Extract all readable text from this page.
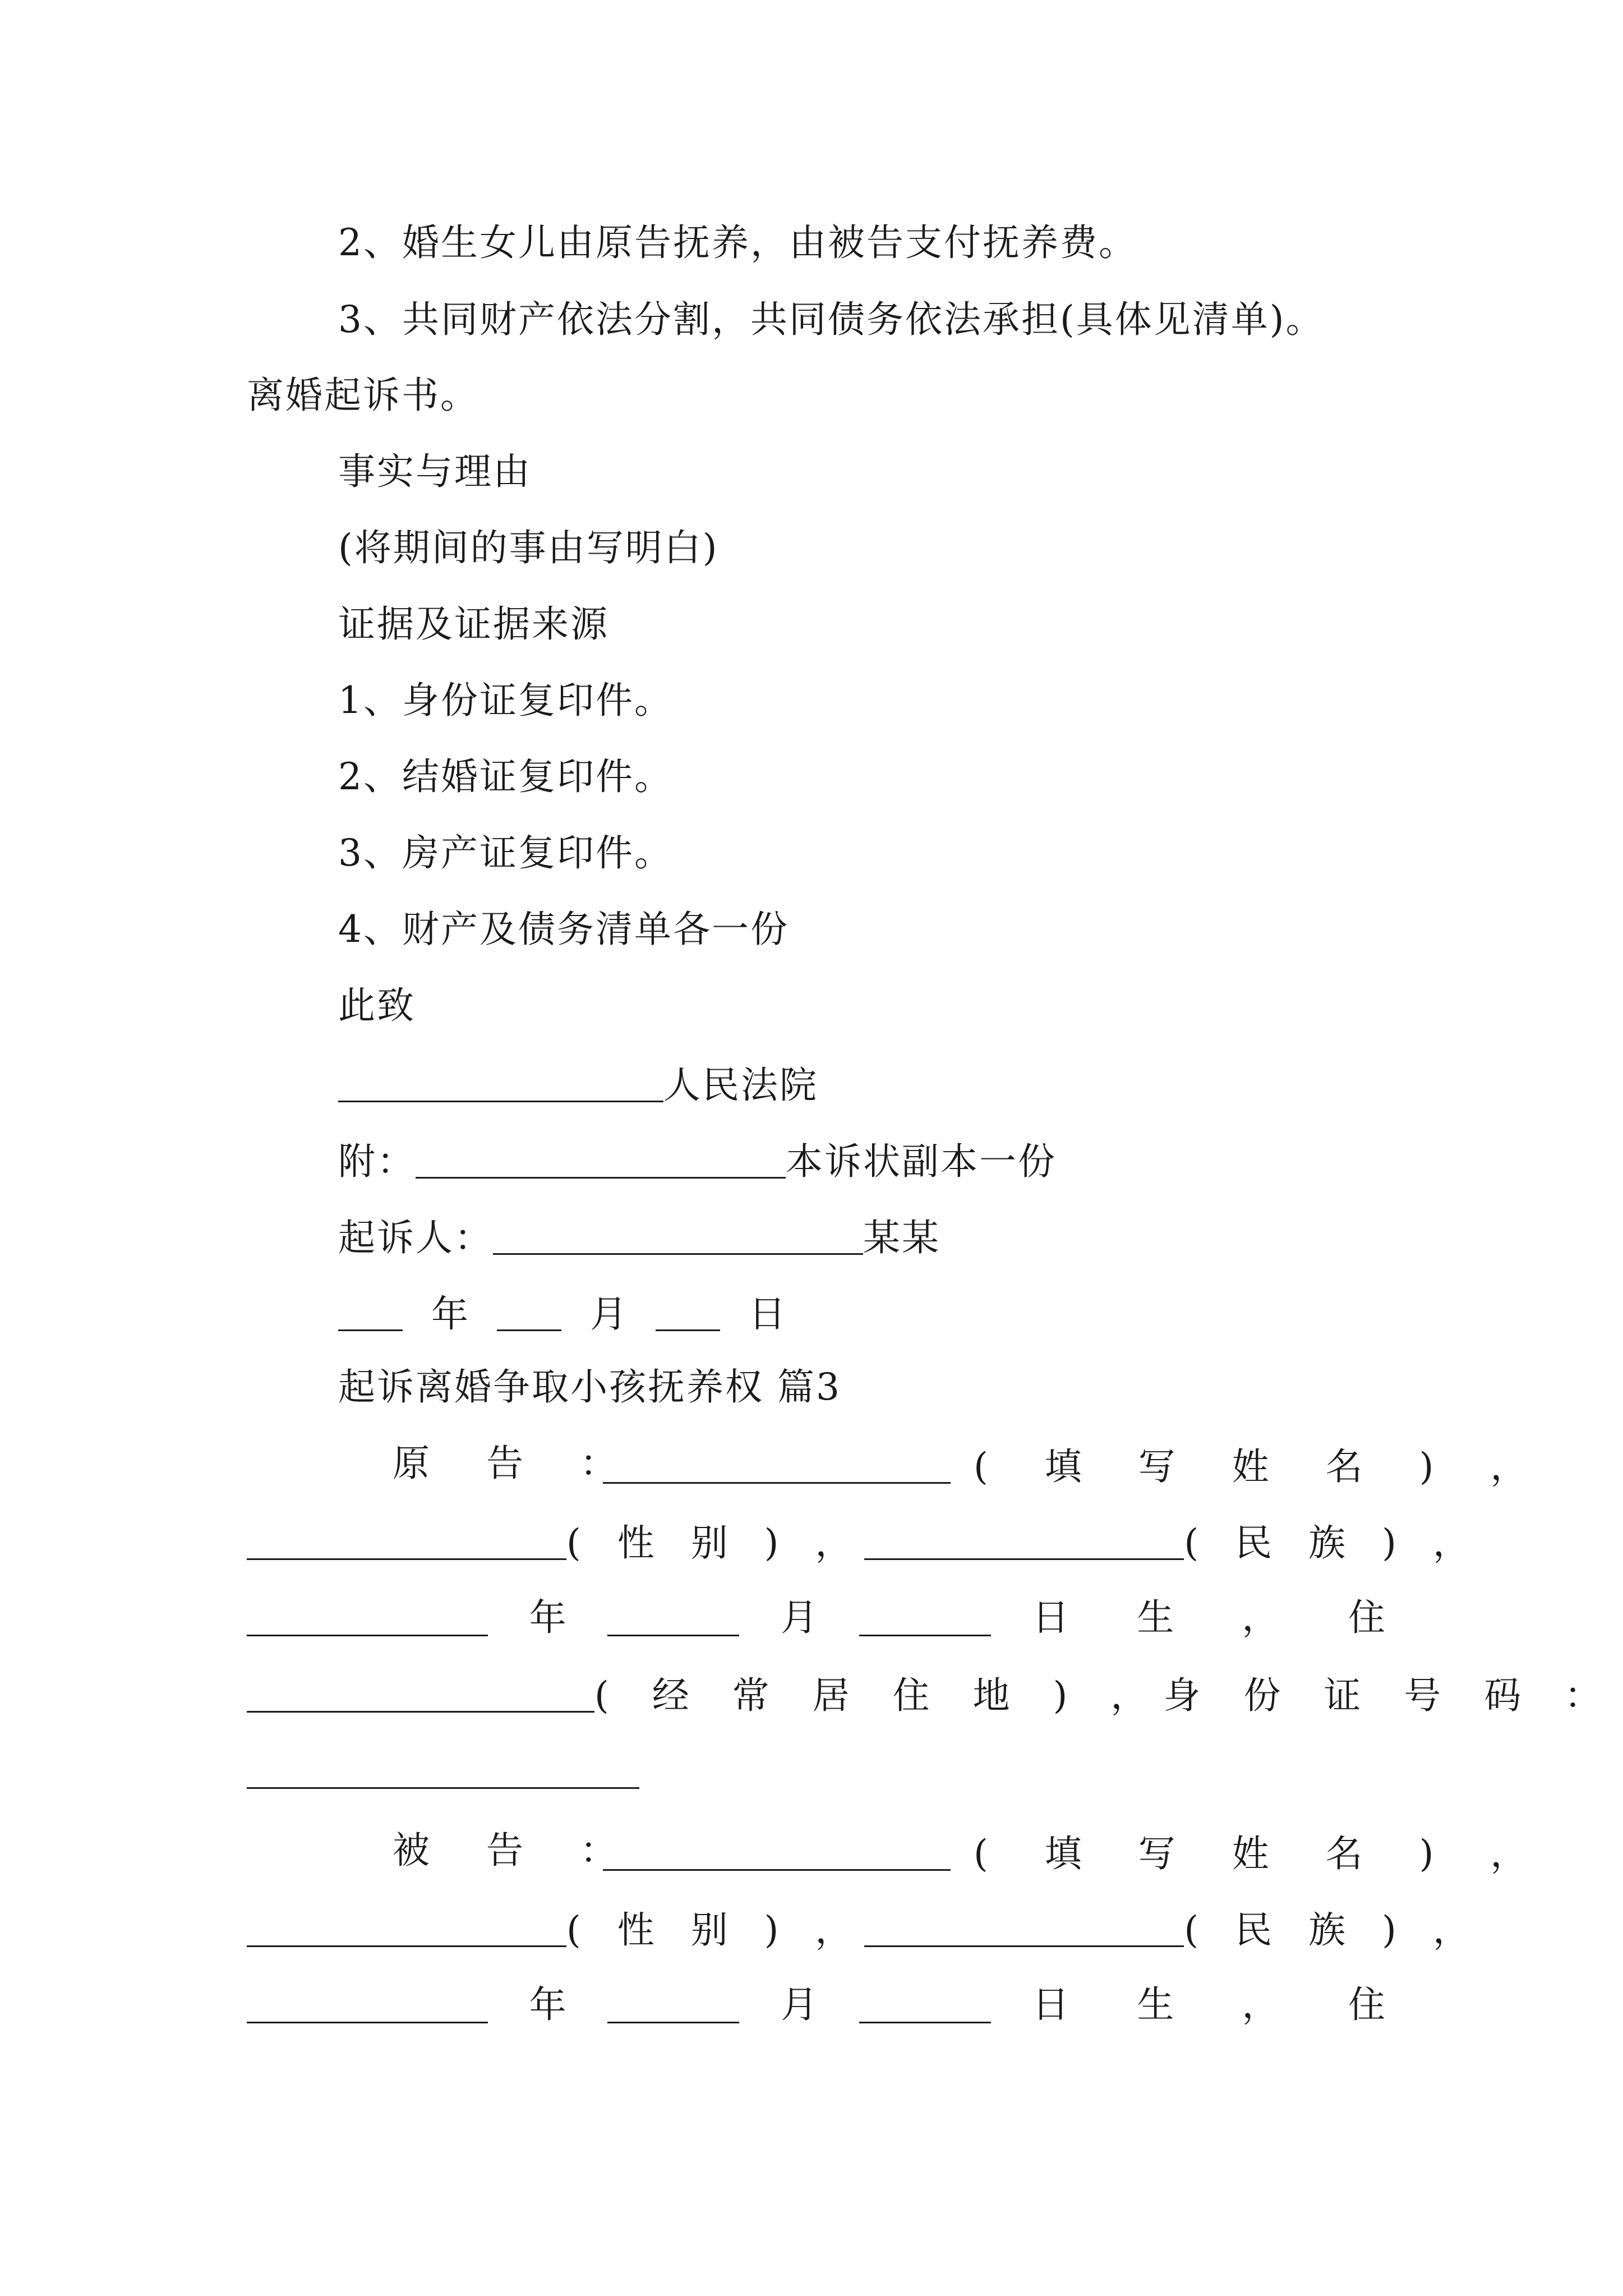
2、婚生女儿由原告抚养，由被告支付抚养费。
3、共同财产依法分割，共同债务依法承担(具体见清单)。
离婚起诉书。
事实与理由
(将期间的事由写明白)
证据及证据来源
1、身份证复印件。
2、结婚证复印件。
3、房产证复印件。
4、财产及债务清单各一份
此致
人民法院
附：	本诉状副本一份
起诉人：	某某
年	月	日
起诉离婚争取小孩抚养权 篇3
原 告 ：	( 填 写 姓 名 ) ，
( 性 别 ) ，	( 民 族 ) ，
年	月	日 生 ， 住
( 经 常 居 住 地 ) ，身 份 证 号 码 ：
被 告 ：	( 填 写 姓 名 ) ，
( 性 别 ) ，	( 民 族 ) ，
年	月	日 生 ， 住
